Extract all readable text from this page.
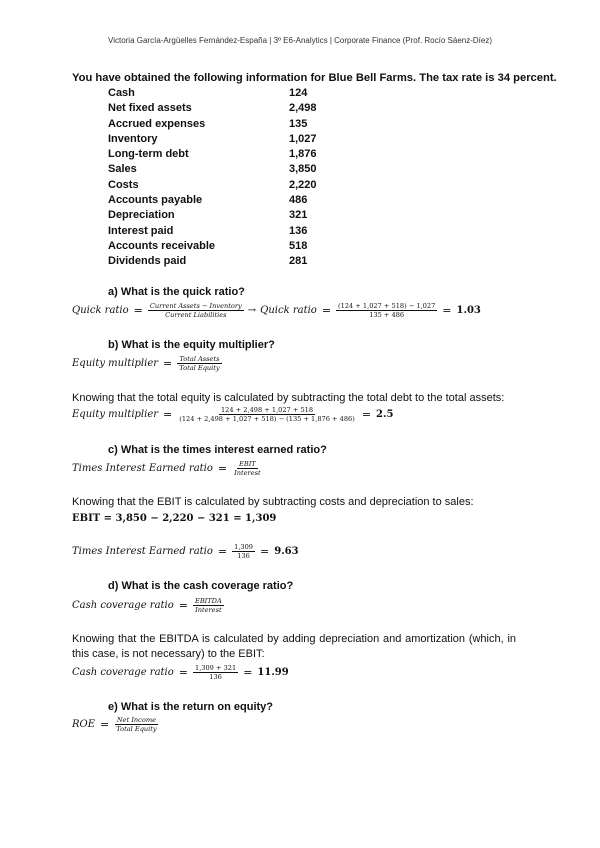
Victoria García-Argüelles Fernández-España | 3º E6-Analytics | Corporate Finance (Prof. Rocío Sáenz-Díez)
You have obtained the following information for Blue Bell Farms. The tax rate is 34 percent.
Cash	124
Net fixed assets	2,498
Accrued expenses	135
Inventory	1,027
Long-term debt	1,876
Sales	3,850
Costs	2,220
Accounts payable	486
Depreciation	321
Interest paid	136
Accounts receivable	518
Dividends paid	281
a) What is the quick ratio?
Quick ratio = $\frac{\text{Current Assets − Inventory}}{\text{Current Liabilities}}$ → Quick ratio = $\frac{(124 + 1,027 + 518) - 1,027}{135 + 486} = 1.03$
b) What is the equity multiplier?
Equity multiplier = $\frac{\text{Total Assets}}{\text{Total Equity}}$
Knowing that the total equity is calculated by subtracting the total debt to the total assets:
Equity multiplier = $\frac{124 + 2,498 + 1,027 + 518}{(124 + 2,498 + 1,027 + 518) - (135 + 1,876 + 486)} = 2.5$
c) What is the times interest earned ratio?
Times Interest Earned ratio = $\frac{\text{EBIT}}{\text{Interest}}$
Knowing that the EBIT is calculated by subtracting costs and depreciation to sales:
EBIT = 3,850 − 2,220 − 321 = 1,309
Times Interest Earned ratio = $\frac{1,309}{136} = 9.63$
d) What is the cash coverage ratio?
Cash coverage ratio = $\frac{\text{EBITDA}}{\text{Interest}}$
Knowing that the EBITDA is calculated by adding depreciation and amortization (which, in this case, is not necessary) to the EBIT:
Cash coverage ratio = $\frac{1,309 + 321}{136} = 11.99$
e) What is the return on equity?
ROE = $\frac{\text{Net Income}}{\text{Total Equity}}$
